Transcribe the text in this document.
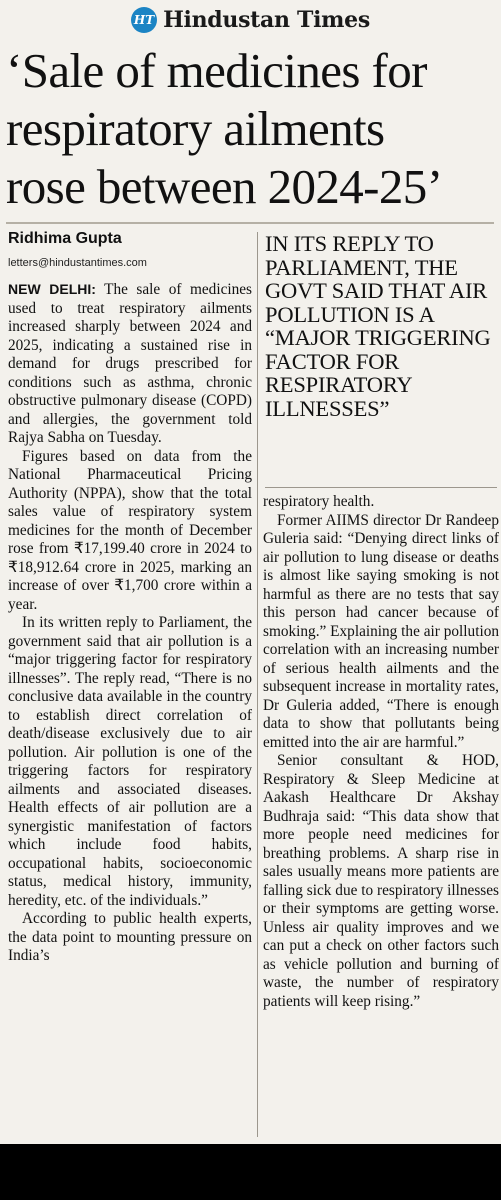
HT Hindustan Times
‘Sale of medicines for
respiratory ailments
rose between 2024-25’
Ridhima Gupta
letters@hindustantimes.com

NEW DELHI: The sale of medicines used to treat respiratory ailments increased sharply between 2024 and 2025, indicating a sustained rise in demand for drugs prescribed for conditions such as asthma, chronic obstructive pulmonary disease (COPD) and allergies, the government told Rajya Sabha on Tuesday.

Figures based on data from the National Pharmaceutical Pricing Authority (NPPA), show that the total sales value of respiratory system medicines for the month of December rose from ₹17,199.40 crore in 2024 to ₹18,912.64 crore in 2025, marking an increase of over ₹1,700 crore within a year.

In its written reply to Parliament, the government said that air pollution is a “major triggering factor for respiratory illnesses”. The reply read, “There is no conclusive data available in the country to establish direct correlation of death/disease exclusively due to air pollution. Air pollution is one of the triggering factors for respiratory ailments and associated diseases. Health effects of air pollution are a synergistic manifestation of factors which include food habits, occupational habits, socioeconomic status, medical history, immunity, heredity, etc. of the individuals.”

According to public health experts, the data point to mounting pressure on India’s

IN ITS REPLY TO PARLIAMENT, THE GOVT SAID THAT AIR POLLUTION IS A “MAJOR TRIGGERING FACTOR FOR RESPIRATORY ILLNESSES”

respiratory health.

Former AIIMS director Dr Randeep Guleria said: “Denying direct links of air pollution to lung disease or deaths is almost like saying smoking is not harmful as there are no tests that say this person had cancer because of smoking.” Explaining the air pollution correlation with an increasing number of serious health ailments and the subsequent increase in mortality rates, Dr Guleria added, “There is enough data to show that pollutants being emitted into the air are harmful.”

Senior consultant & HOD, Respiratory & Sleep Medicine at Aakash Healthcare Dr Akshay Budhraja said: “This data show that more people need medicines for breathing problems. A sharp rise in sales usually means more patients are falling sick due to respiratory illnesses or their symptoms are getting worse. Unless air quality improves and we can put a check on other factors such as vehicle pollution and burning of waste, the number of respiratory patients will keep rising.”
